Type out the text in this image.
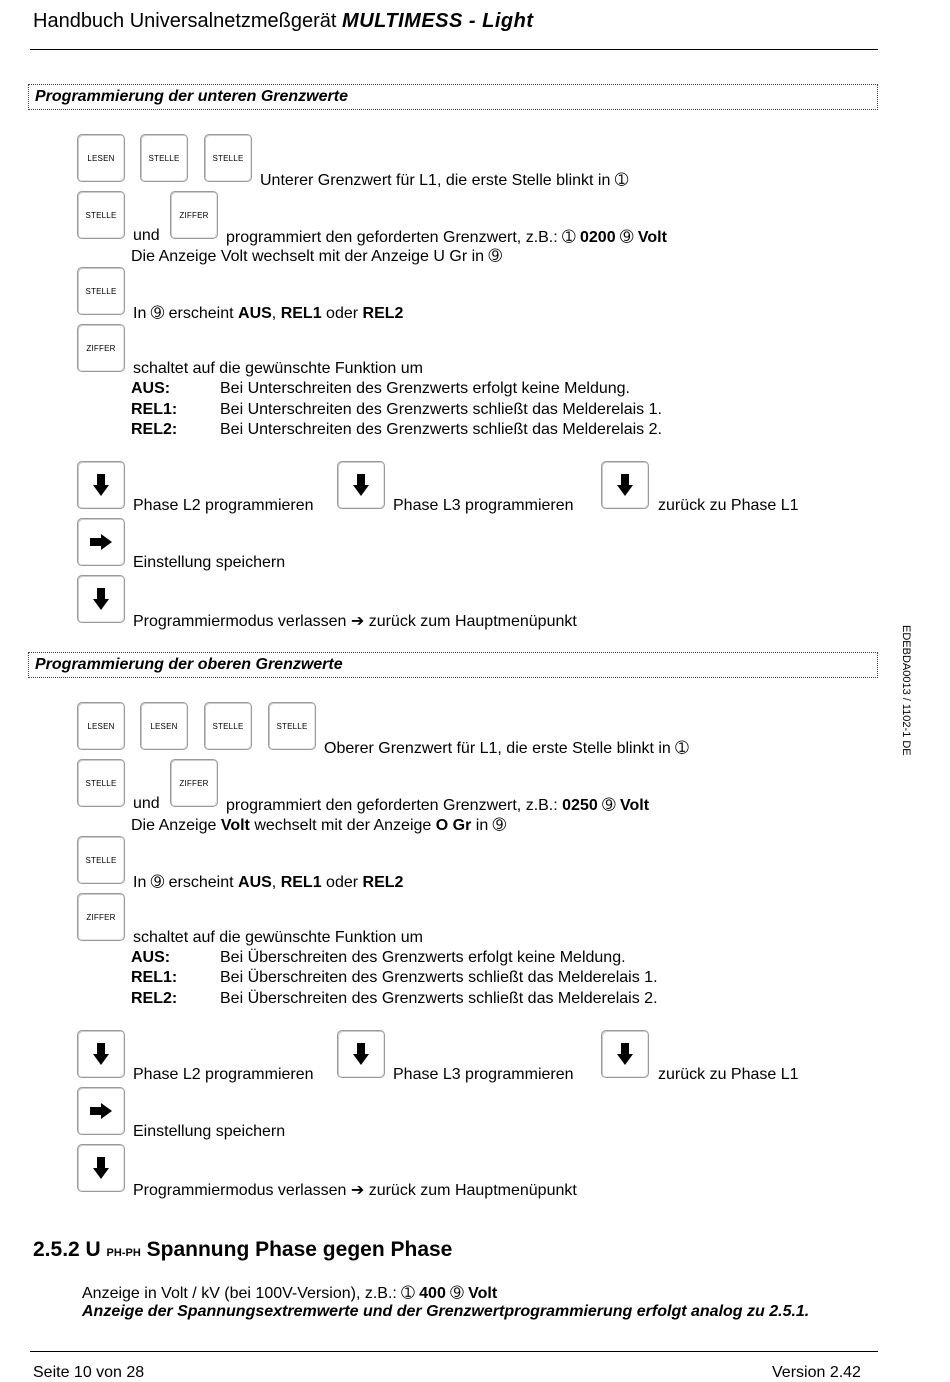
Handbuch Universalnetzmeßgerät MULTIMESS - Light
Programmierung der unteren Grenzwerte
LESEN	STELLE	STELLE
Unterer Grenzwert für L1, die erste Stelle blinkt in ➀
STELLE
und
ZIFFER
programmiert den geforderten Grenzwert, z.B.: ➀ 0200 ➈ Volt
Die Anzeige Volt wechselt mit der Anzeige U Gr in ➈
STELLE
In ➈ erscheint AUS, REL1 oder REL2
ZIFFER
schaltet auf die gewünschte Funktion um
AUS:	Bei Unterschreiten des Grenzwerts erfolgt keine Meldung.
REL1:	Bei Unterschreiten des Grenzwerts schließt das Melderelais 1.
REL2:	Bei Unterschreiten des Grenzwerts schließt das Melderelais 2.
Phase L2 programmieren	Phase L3 programmieren	zurück zu Phase L1
Einstellung speichern
Programmiermodus verlassen ➔ zurück zum Hauptmenüpunkt
Programmierung der oberen Grenzwerte
LESEN	LESEN	STELLE	STELLE
Oberer Grenzwert für L1, die erste Stelle blinkt in ➀
STELLE
und
ZIFFER
programmiert den geforderten Grenzwert, z.B.: 0250 ➈ Volt
Die Anzeige Volt wechselt mit der Anzeige O Gr in ➈
STELLE
In ➈ erscheint AUS, REL1 oder REL2
ZIFFER
schaltet auf die gewünschte Funktion um
AUS:	Bei Überschreiten des Grenzwerts erfolgt keine Meldung.
REL1:	Bei Überschreiten des Grenzwerts schließt das Melderelais 1.
REL2:	Bei Überschreiten des Grenzwerts schließt das Melderelais 2.
Phase L2 programmieren	Phase L3 programmieren	zurück zu Phase L1
Einstellung speichern
Programmiermodus verlassen ➔ zurück zum Hauptmenüpunkt
2.5.2 U PH-PH Spannung Phase gegen Phase
Anzeige in Volt / kV (bei 100V-Version), z.B.: ➀ 400 ➈ Volt
Anzeige der Spannungsextremwerte und der Grenzwertprogrammierung erfolgt analog zu 2.5.1.
EDEBDA0013 / 1102-1 DE
Seite 10 von 28	Version 2.42
